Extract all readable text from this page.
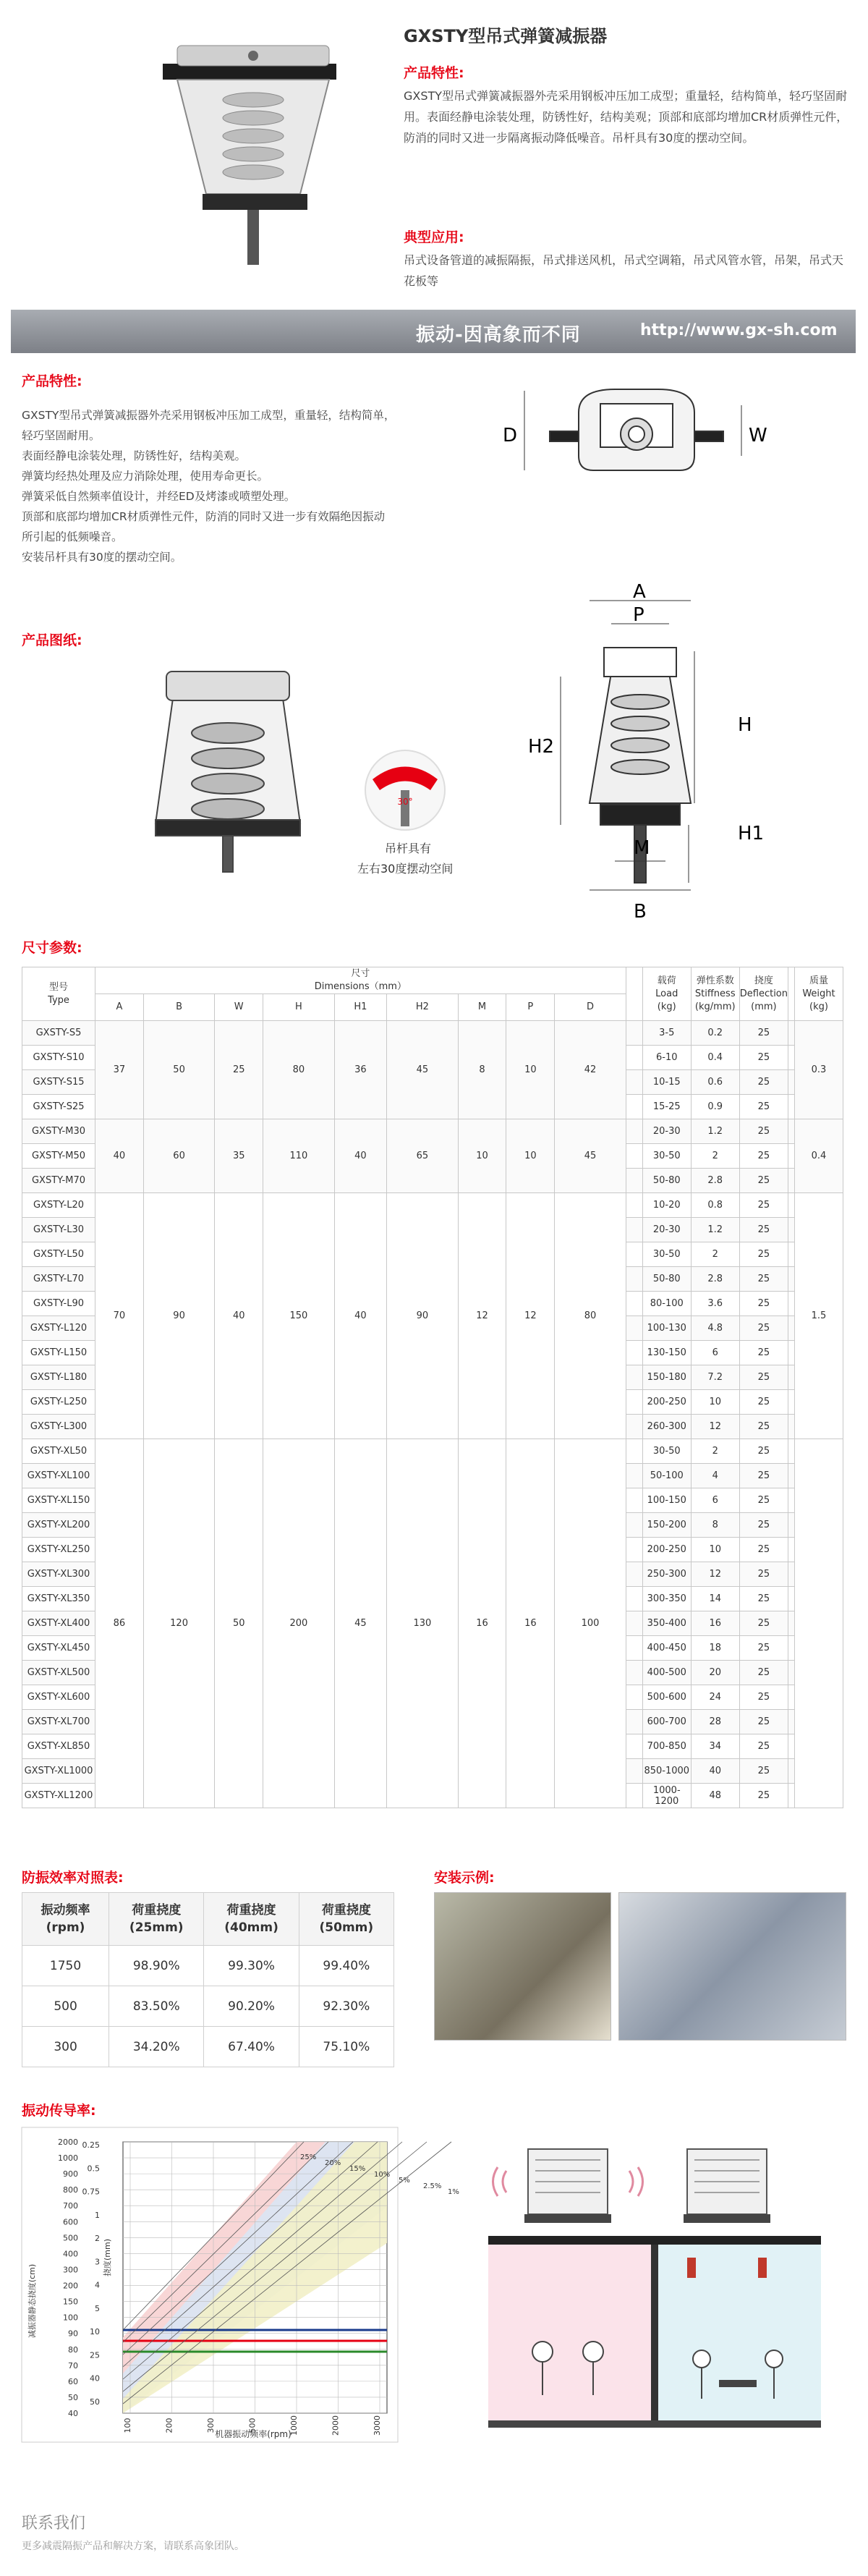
GXSTY型吊式弹簧减振器
产品特性:
GXSTY型吊式弹簧减振器外壳采用钢板冲压加工成型；重量轻，结构简单，轻巧坚固耐用。表面经静电涂装处理，防锈性好，结构美观；顶部和底部均增加CR材质弹性元件，防消的同时又进一步隔离振动降低噪音。吊杆具有30度的摆动空间。
典型应用:
吊式设备管道的减振隔振，吊式排送风机，吊式空调箱，吊式风管水管，吊架，吊式天花板等
振动-因高象而不同	http://www.gx-sh.com
产品特性:
GXSTY型吊式弹簧减振器外壳采用钢板冲压加工成型，重量轻，结构简单，
轻巧坚固耐用。
表面经静电涂装处理，防锈性好，结构美观。
弹簧均经热处理及应力消除处理，使用寿命更长。
弹簧采低自然频率值设计，并经ED及烤漆或喷塑处理。
顶部和底部均增加CR材质弹性元件，防消的同时又进一步有效隔绝因振动
所引起的低频噪音。
安装吊杆具有30度的摆动空间。
D	W
A
P
H
H2
H1
M
B
产品图纸:
30°
吊杆具有
左右30度摆动空间
尺寸参数:
型号
Type	尺寸
Dimensions（mm）										载荷
Load
(kg)	弹性系数
Stiffness
(kg/mm)	挠度
Deflection
(mm)		质量
Weight
(kg)
	A	B	W	H	H1	H2	M	P	D						
GXSTY-S5	37	50	25	80	36	45	8	10	42		3-5	0.2	25		0.3
GXSTY-S10											6-10	0.4	25		
GXSTY-S15											10-15	0.6	25		
GXSTY-S25											15-25	0.9	25		
GXSTY-M30	40	60	35	110	40	65	10	10	45		20-30	1.2	25		0.4
GXSTY-M50											30-50	2	25		
GXSTY-M70											50-80	2.8	25		
GXSTY-L20	70	90	40	150	40	90	12	12	80		10-20	0.8	25		1.5
GXSTY-L30											20-30	1.2	25		
GXSTY-L50											30-50	2	25		
GXSTY-L70											50-80	2.8	25		
GXSTY-L90											80-100	3.6	25		
GXSTY-L120											100-130	4.8	25		
GXSTY-L150											130-150	6	25		
GXSTY-L180											150-180	7.2	25		
GXSTY-L250											200-250	10	25		
GXSTY-L300											260-300	12	25		
GXSTY-XL50	86	120	50	200	45	130	16	16	100		30-50	2	25		
GXSTY-XL100											50-100	4	25		
GXSTY-XL150											100-150	6	25		
GXSTY-XL200											150-200	8	25		
GXSTY-XL250											200-250	10	25		
GXSTY-XL300											250-300	12	25		
GXSTY-XL350											300-350	14	25		
GXSTY-XL400											350-400	16	25		
GXSTY-XL450											400-450	18	25		
GXSTY-XL500											400-500	20	25		
GXSTY-XL600											500-600	24	25		
GXSTY-XL700											600-700	28	25		
GXSTY-XL850											700-850	34	25		
GXSTY-XL1000											850-1000	40	25		
GXSTY-XL1200											1000-1200	48	25		
防振效率对照表:
振动频率
(rpm)	荷重挠度
(25mm)	荷重挠度
(40mm)	荷重挠度
(50mm)
1750	98.90%	99.30%	99.40%
500	83.50%	90.20%	92.30%
300	34.20%	67.40%	75.10%
安装示例:
振动传导率:
2000
1000
900
800
700
600
500
400
300
200
150
100
90
80
70
60
50
40
0.25
0.5
0.75
1
2
3
4
5
10
25
40
50
100	200	300	500	1000	2000	3000
25%
20%
15%
10%
5%
2.5%
1%
减振器静态挠度(cm)
挠度(mm)
机器振动频率(rpm)
联系我们
更多减震隔振产品和解决方案，请联系高象团队。
